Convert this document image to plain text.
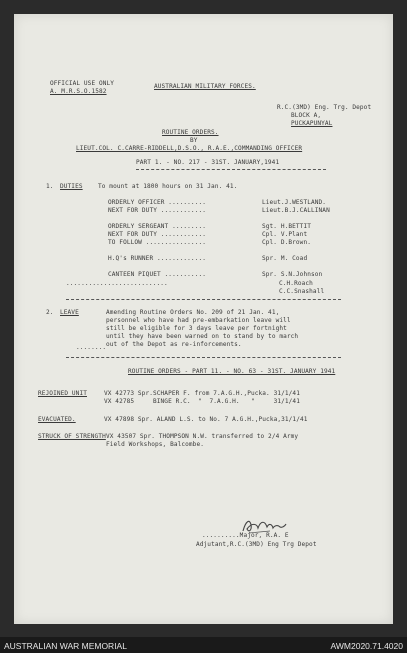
OFFICIAL USE ONLY
A. M.R.S.O.1582
AUSTRALIAN MILITARY FORCES.
R.C.(3MD) Eng. Trg. Depot
BLOCK A,
PUCKAPUNYAL
ROUTINE ORDERS.
BY
LIEUT.COL. C.CARRE-RIDDELL,D.S.O., R.A.E.,COMMANDING OFFICER
PART 1. - NO. 217 - 31ST. JANUARY,1941
1. DUTIES	To mount at 1800 hours on 31 Jan. 41.
ORDERLY OFFICER ..........	Lieut.J.WESTLAND.
NEXT FOR DUTY ............	Lieut.B.J.CALLINAN
ORDERLY SERGEANT .........	Sgt. H.BETTIT
NEXT FOR DUTY ............	Cpl. V.Plant
TO FOLLOW ................	Cpl. D.Brown.
H.Q's RUNNER .............	Spr. M. Coad
CANTEEN PIQUET ...........	Spr. S.N.Johnson
...........................	C.H.Roach
C.C.Snashall
2. LEAVE	Amending Routine Orders No. 209 of 21 Jan. 41,
personnel who have had pre-embarkation leave will
still be eligible for 3 days leave per fortnight
until they have been warned on to stand by to march
out of the Depot as re-inforcements.
........
ROUTINE ORDERS - PART 11. - NO. 63 - 31ST. JANUARY 1941
REJOINED UNIT	VX 42773 Spr.SCHAPER F. from 7.A.G.H.,Pucka. 31/1/41
VX 42785     BINGE R.C.  "  7.A.G.H.   "     31/1/41
EVACUATED.	VX 47898 Spr. ALAND L.S. to No. 7 A.G.H.,Pucka,31/1/41
STRUCK OF STRENGTH VX 43507 Spr. THOMPSON N.W. transferred to 2/4 Army
Field Workshops, Balcombe.
..........Major, R.A. E
Adjutant,R.C.(3MD) Eng Trg Depot
AUSTRALIAN WAR MEMORIAL	AWM2020.71.4020
